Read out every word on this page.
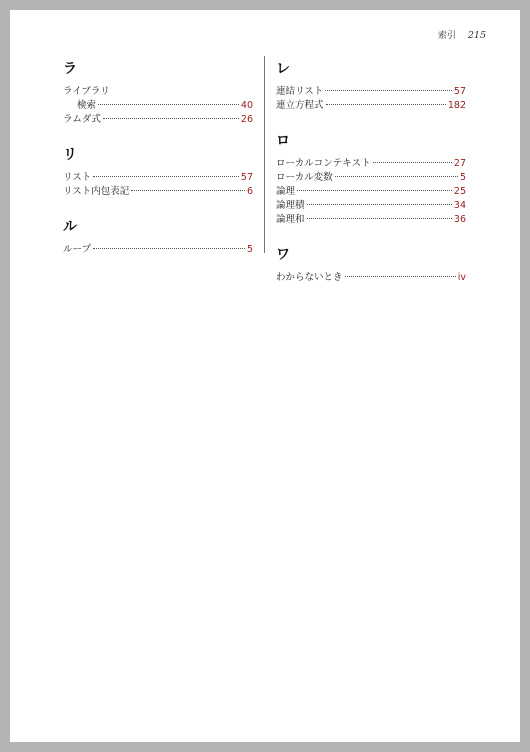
索引 215
ラ
ライブラリ
検索	40
ラムダ式	26
リ
リスト	57
リスト内包表記	6
ル
ループ	5
レ
連結リスト	57
連立方程式	182
ロ
ローカルコンテキスト	27
ローカル変数	5
論理	25
論理積	34
論理和	36
ワ
わからないとき	iv
